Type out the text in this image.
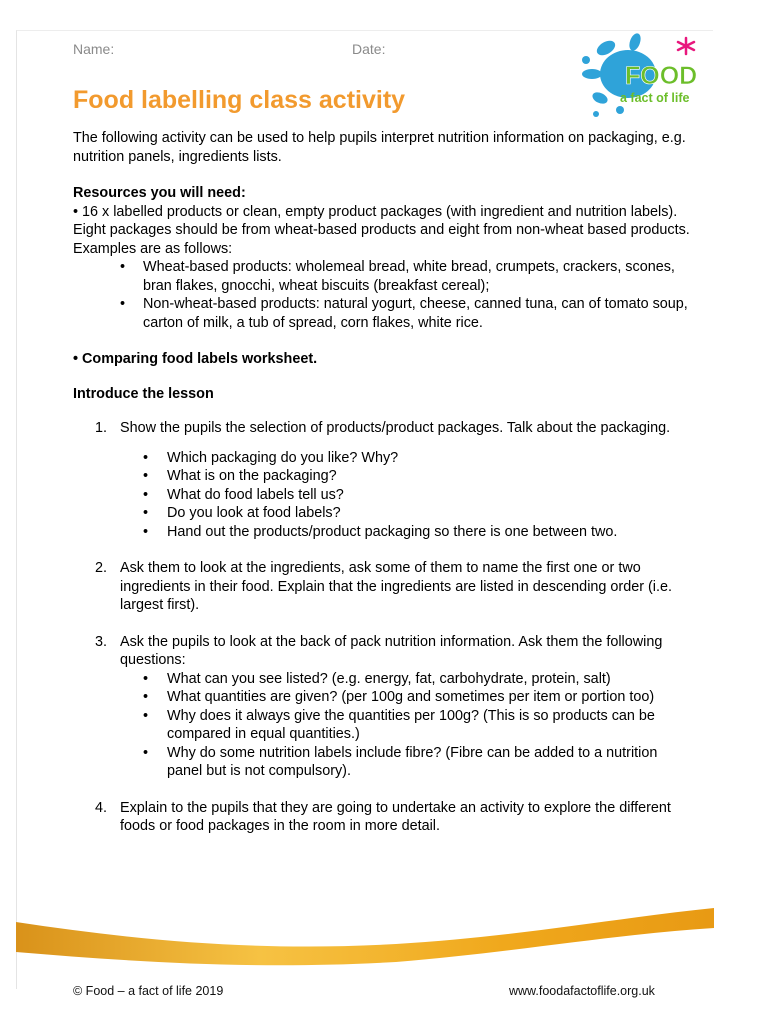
Name:	Date:
FOOD
a fact of life
Food labelling class activity

The following activity can be used to help pupils interpret nutrition information on packaging, e.g. nutrition panels, ingredients lists.

Resources you will need:

• 16 x labelled products or clean, empty product packages (with ingredient and nutrition labels). Eight packages should be from wheat-based products and eight from non-wheat based products. Examples are as follows:

• Wheat-based products: wholemeal bread, white bread, crumpets, crackers, scones, bran flakes, gnocchi, wheat biscuits (breakfast cereal);
• Non-wheat-based products: natural yogurt, cheese, canned tuna, can of tomato soup, carton of milk, a tub of spread, corn flakes, white rice.

• Comparing food labels worksheet.

Introduce the lesson

1. Show the pupils the selection of products/product packages. Talk about the packaging.

• Which packaging do you like? Why?
• What is on the packaging?
• What do food labels tell us?
• Do you look at food labels?
• Hand out the products/product packaging so there is one between two.
2. Ask them to look at the ingredients, ask some of them to name the first one or two ingredients in their food. Explain that the ingredients are listed in descending order (i.e. largest first).

3. Ask the pupils to look at the back of pack nutrition information. Ask them the following questions:

• What can you see listed? (e.g. energy, fat, carbohydrate, protein, salt)
• What quantities are given? (per 100g and sometimes per item or portion too)
• Why does it always give the quantities per 100g? (This is so products can be compared in equal quantities.)
• Why do some nutrition labels include fibre? (Fibre can be added to a nutrition panel but is not compulsory).
4. Explain to the pupils that they are going to undertake an activity to explore the different foods or food packages in the room in more detail.

© Food – a fact of life 2019	www.foodafactoflife.org.uk
